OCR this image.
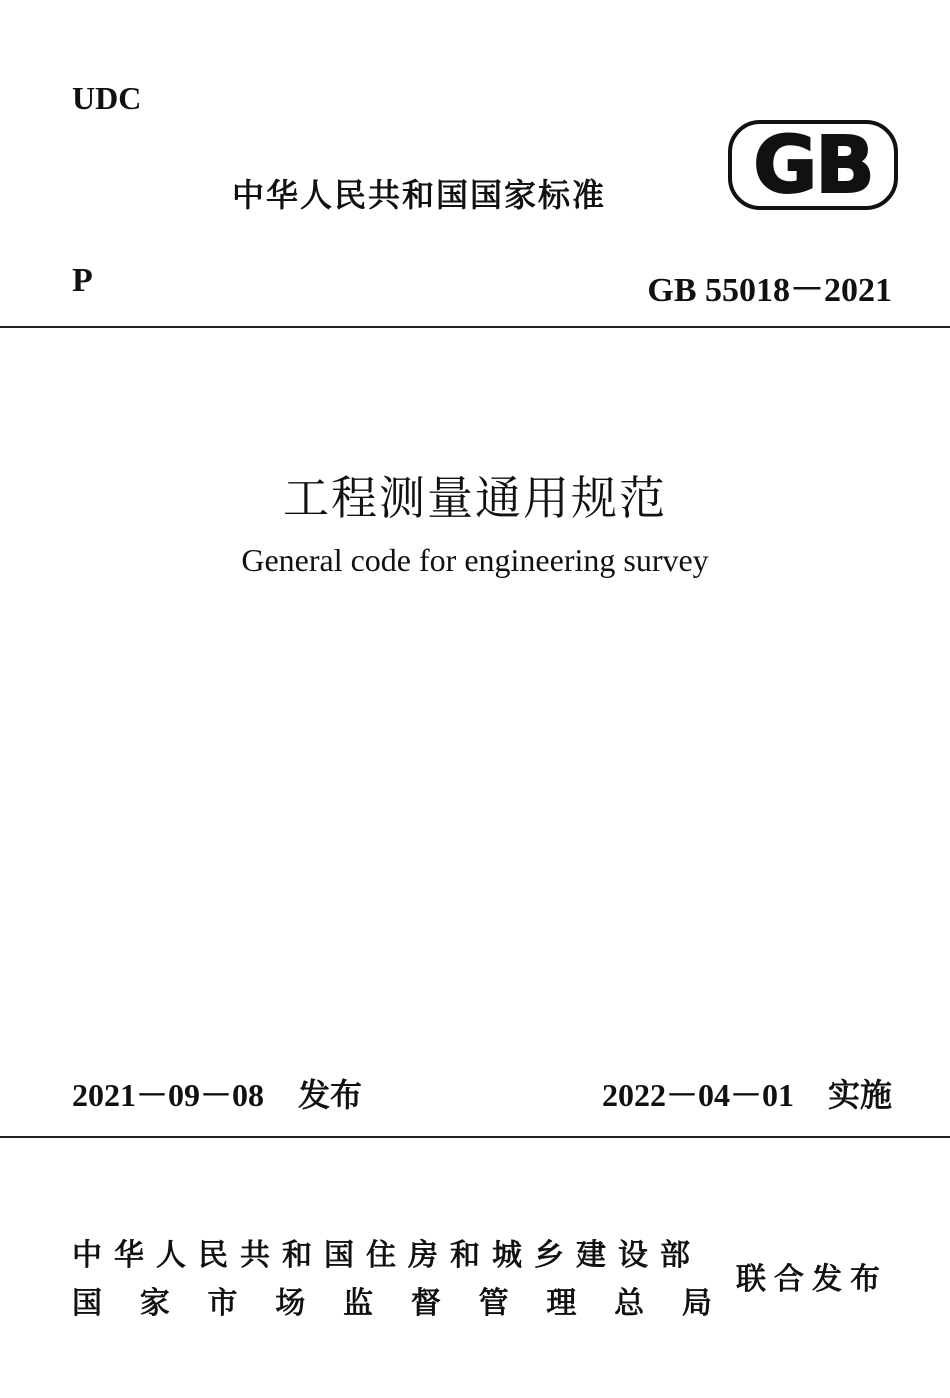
UDC
中华人民共和国国家标准 GB
P	GB 55018－2021
工程测量通用规范
General code for engineering survey
2021－09－08 发布	2022－04－01 实施
中华人民共和国住房和城乡建设部
国 家 市 场 监 督 管 理 总 局
联合发布
